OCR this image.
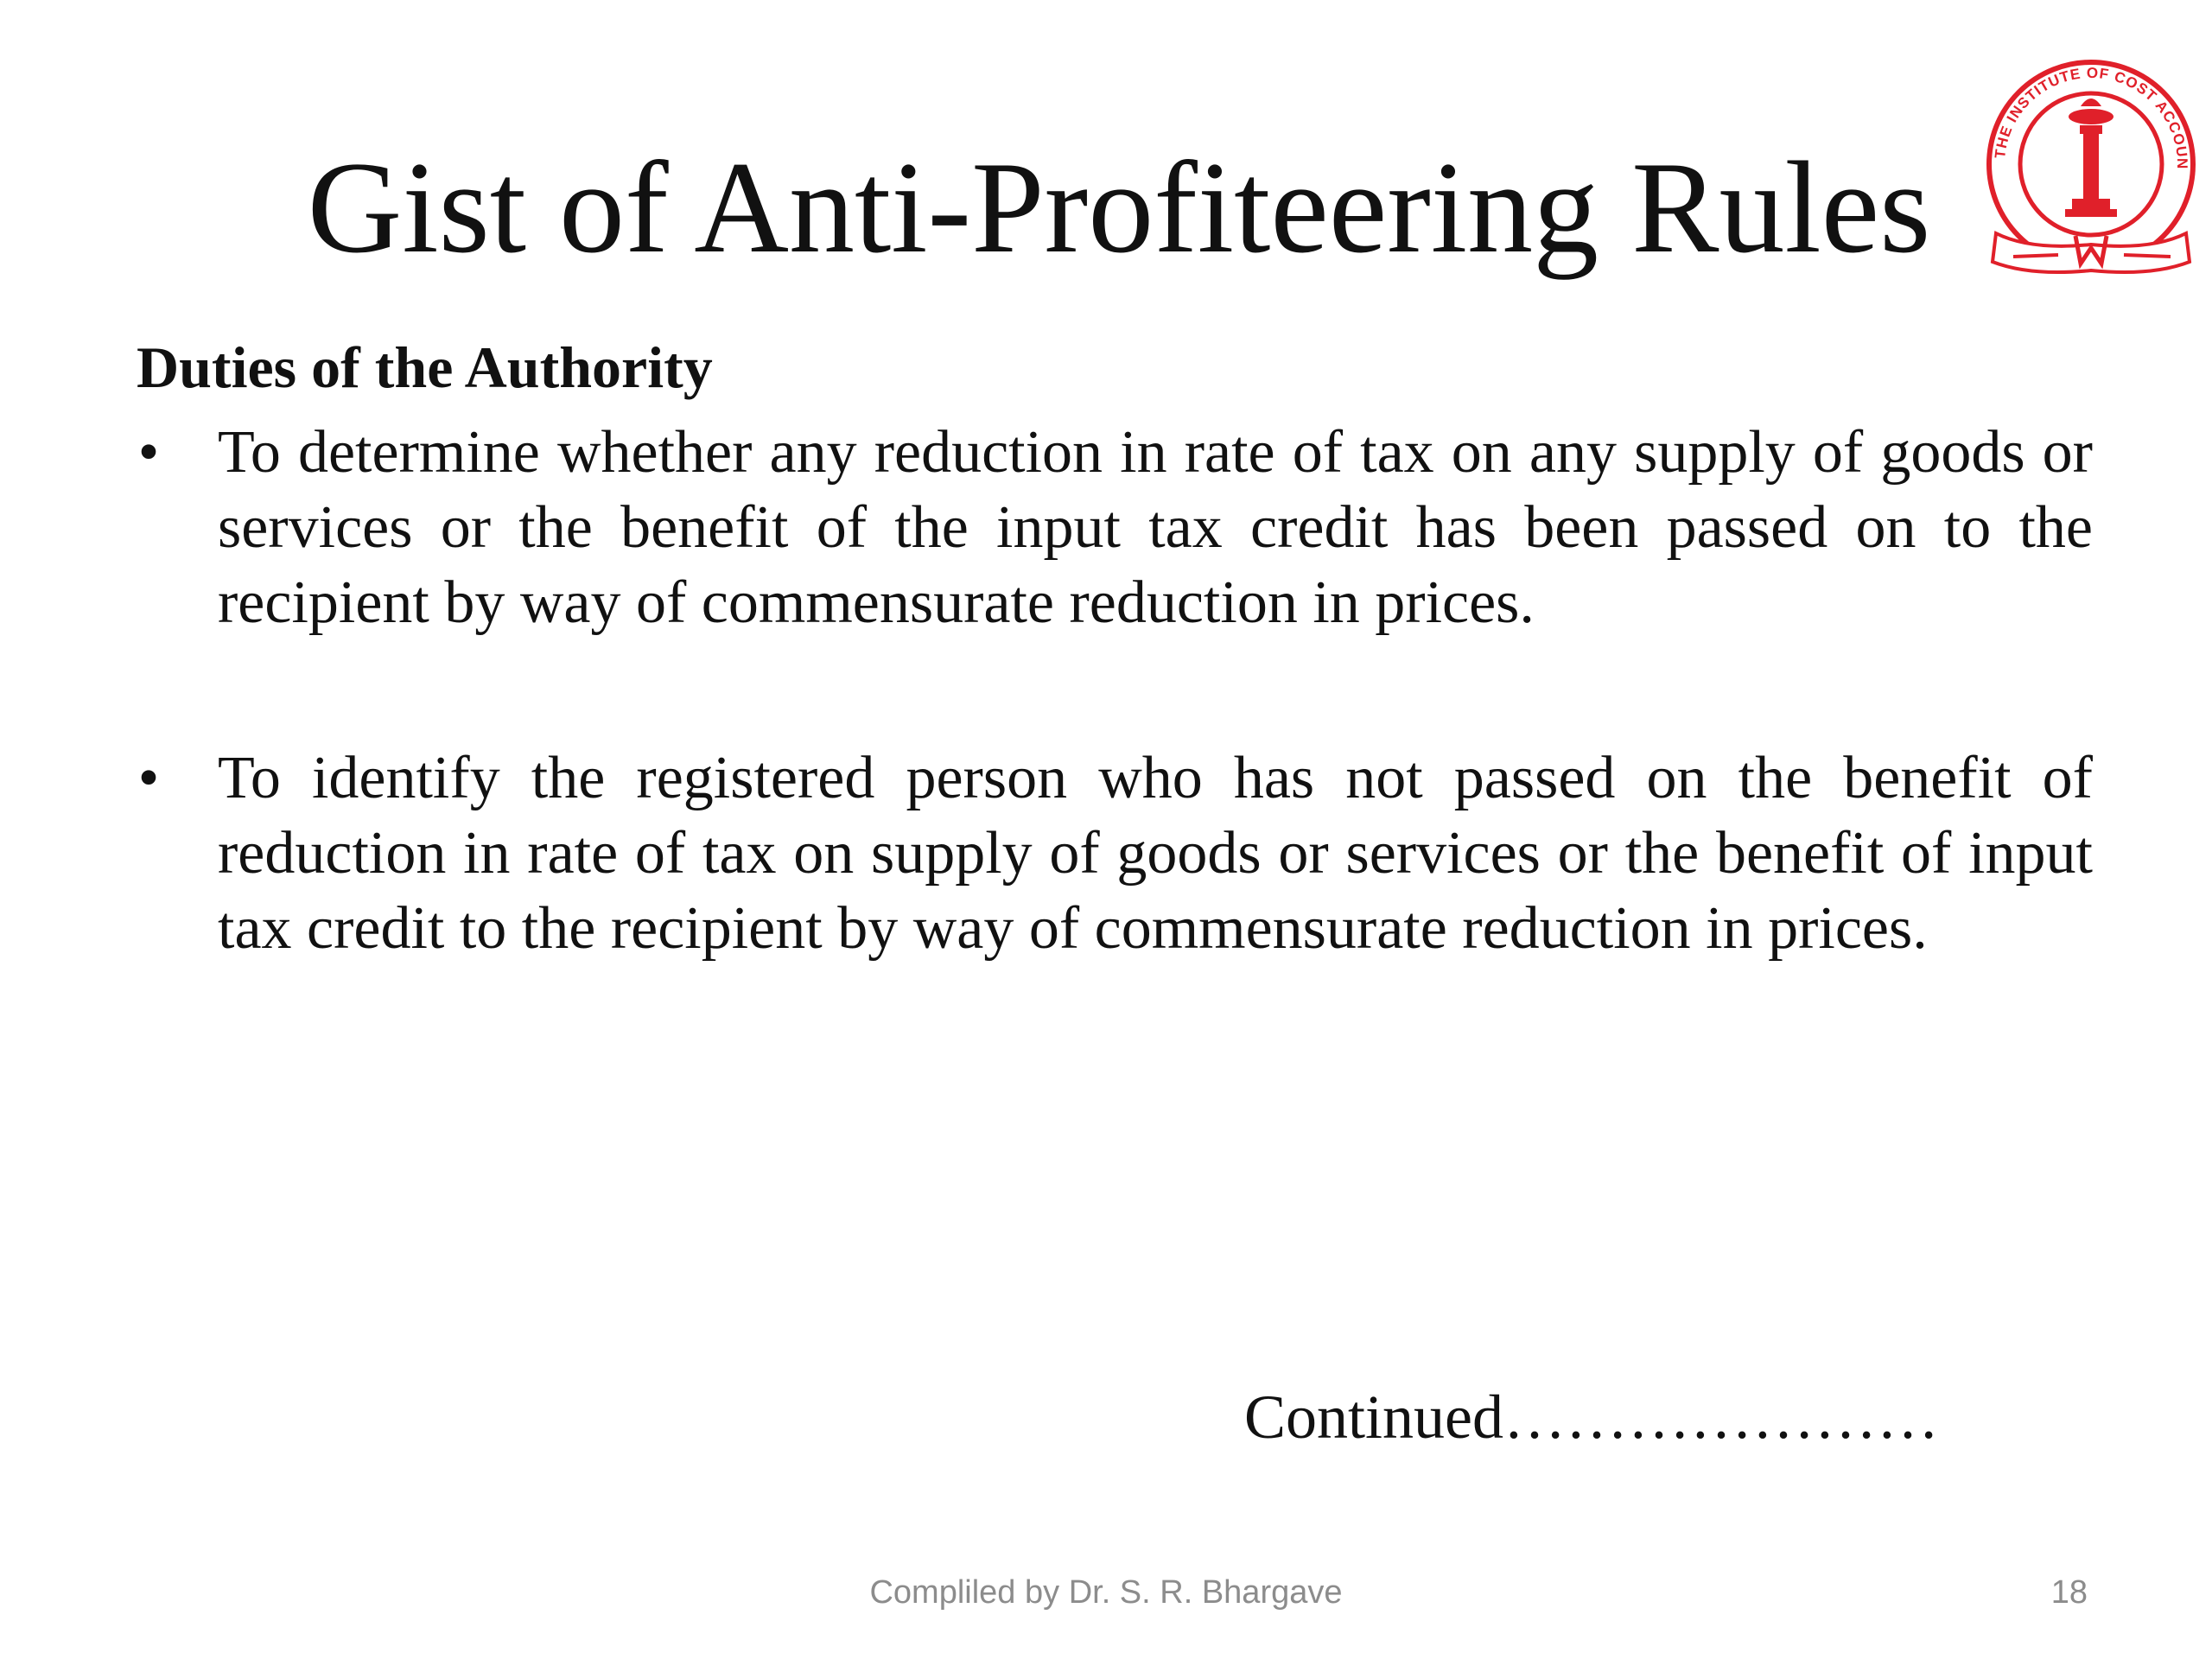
Gist of Anti-Profiteering Rules	THE INSTITUTE OF COST ACCOUN
Duties of the Authority
• To determine whether any reduction in rate of tax on any supply of goods or services or the benefit of the input tax credit has been passed on to the recipient by way of commensurate reduction in prices.
• To identify the registered person who has not passed on the benefit of reduction in rate of tax on supply of goods or services or the benefit of input tax credit to the recipient by way of commensurate reduction in prices.
Continued…………………
Compliled by Dr. S. R. Bhargave	18
